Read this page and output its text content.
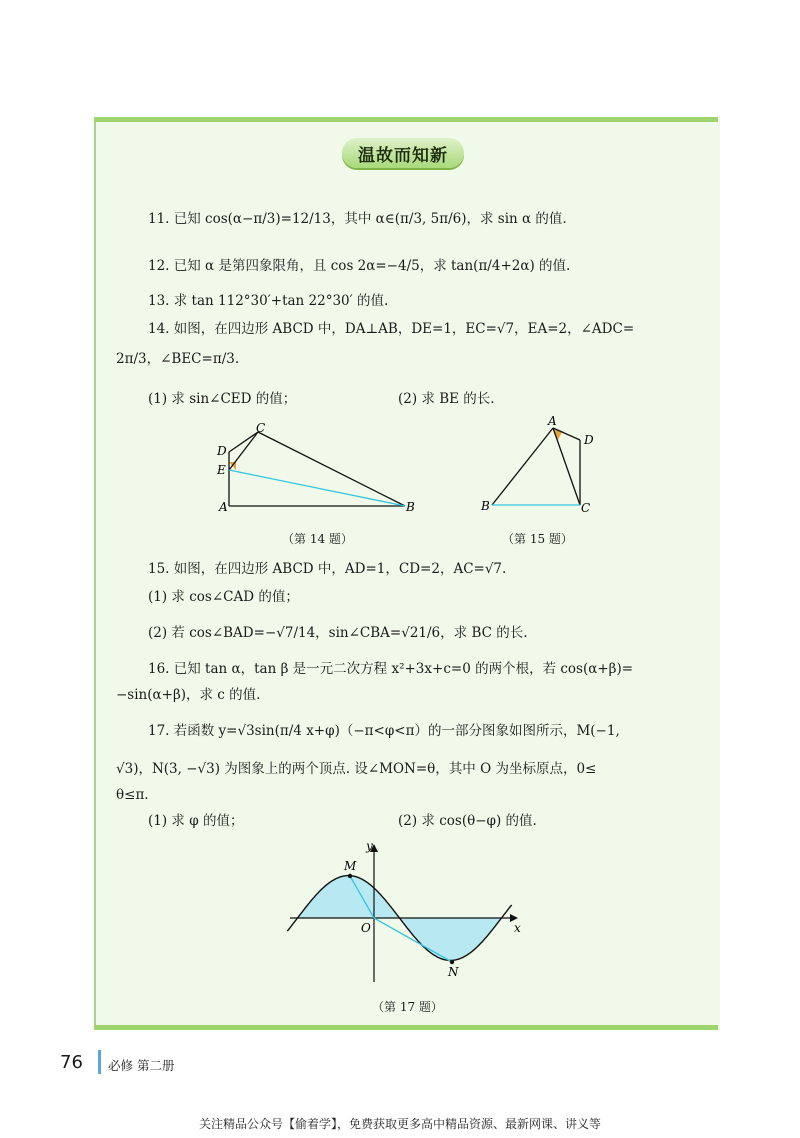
温故而知新
11. 已知 cos(α−π/3)=12/13，其中 α∈(π/3, 5π/6)，求 sin α 的值.
12. 已知 α 是第四象限角，且 cos 2α=−4/5，求 tan(π/4+2α) 的值.
13. 求 tan 112°30′+tan 22°30′ 的值.
14. 如图，在四边形 ABCD 中，DA⊥AB，DE=1，EC=√7，EA=2，∠ADC=
2π/3，∠BEC=π/3.
(1) 求 sin∠CED 的值；	(2) 求 BE 的长.
A	B
C
D
E
A
B	C
D
M
N
O	x
y
（第 14 题）	（第 15 题）
15. 如图，在四边形 ABCD 中，AD=1，CD=2，AC=√7.
(1) 求 cos∠CAD 的值；
(2) 若 cos∠BAD=−√7/14，sin∠CBA=√21/6，求 BC 的长.
16. 已知 tan α，tan β 是一元二次方程 x²+3x+c=0 的两个根，若 cos(α+β)=
−sin(α+β)，求 c 的值.
17. 若函数 y=√3sin(π/4 x+φ)（−π<φ<π）的一部分图象如图所示，M(−1,
√3)，N(3, −√3) 为图象上的两个顶点. 设∠MON=θ，其中 O 为坐标原点，0≤
θ≤π.
(1) 求 φ 的值；	(2) 求 cos(θ−φ) 的值.
（第 17 题）
76 必修 第二册
关注精品公众号【偷着学】，免费获取更多高中精品资源、最新网课、讲义等
